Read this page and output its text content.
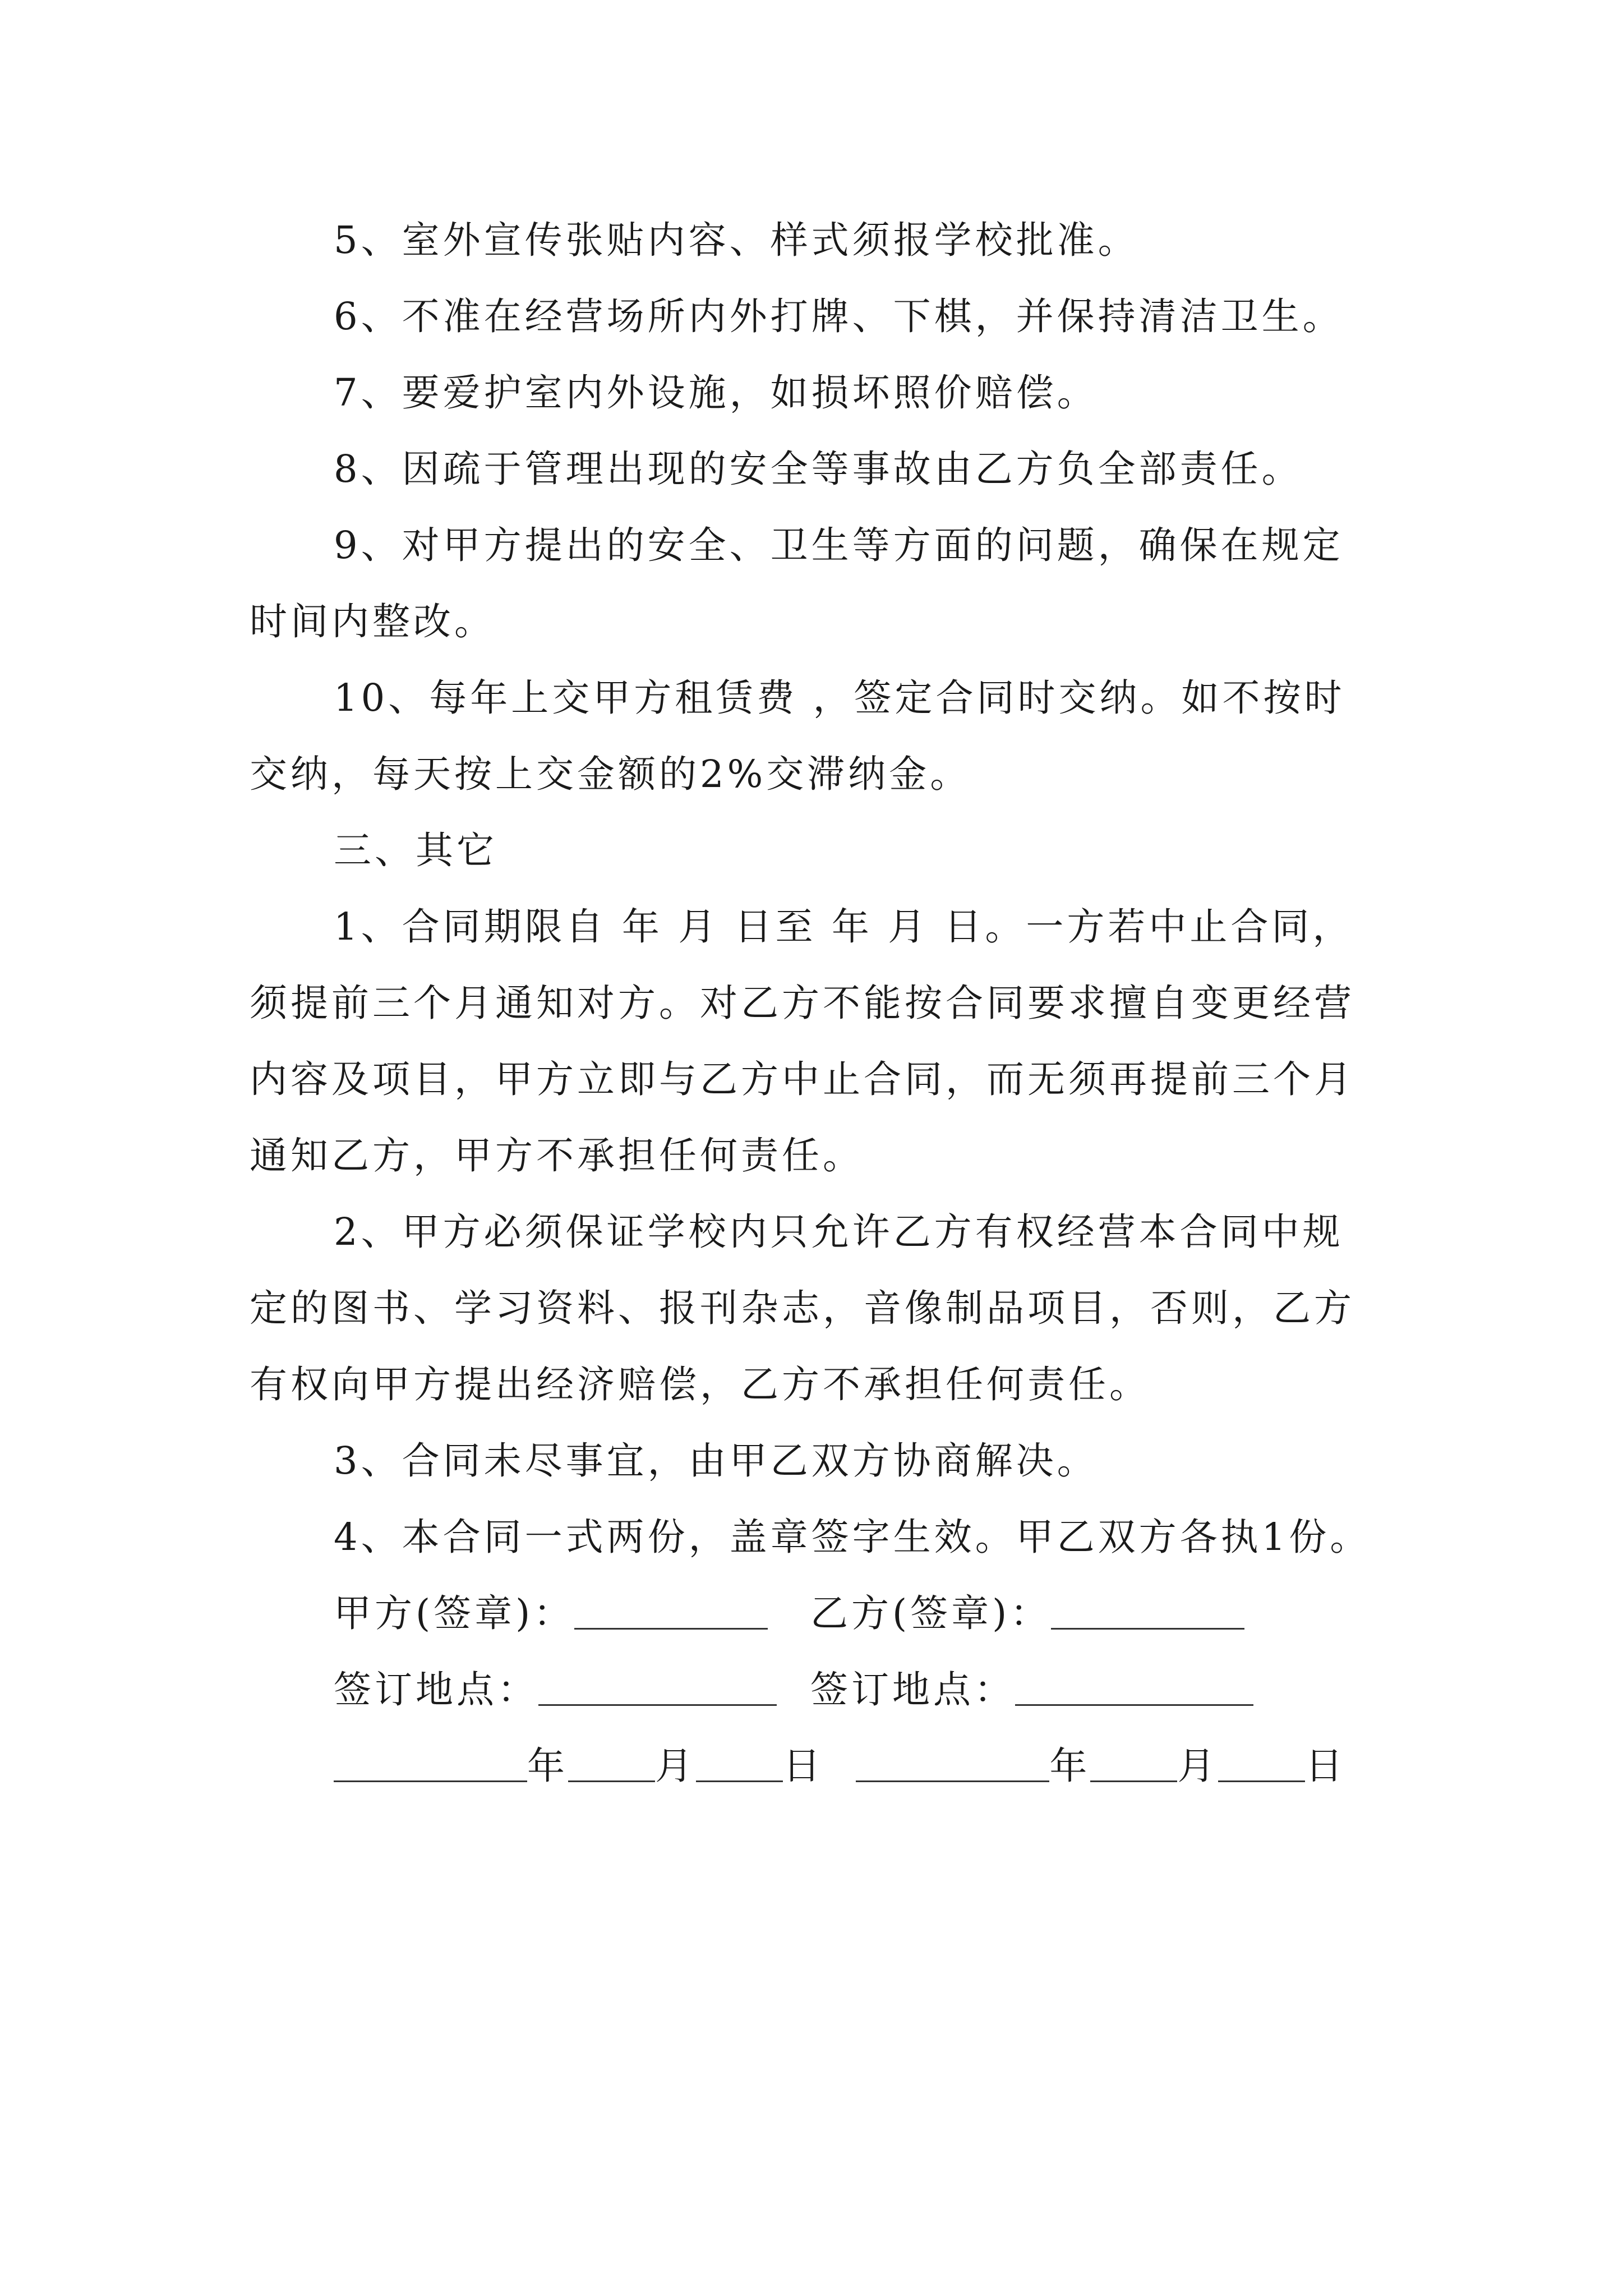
5、室外宣传张贴内容、样式须报学校批准。

6、不准在经营场所内外打牌、下棋，并保持清洁卫生。

7、要爱护室内外设施，如损坏照价赔偿。

8、因疏于管理出现的安全等事故由乙方负全部责任。

9、对甲方提出的安全、卫生等方面的问题，确保在规定时间内整改。

10、每年上交甲方租赁费 ，签定合同时交纳。如不按时交纳，每天按上交金额的2%交滞纳金。

三、其它

1、合同期限自 年 月 日至 年 月 日。一方若中止合同，须提前三个月通知对方。对乙方不能按合同要求擅自变更经营内容及项目，甲方立即与乙方中止合同，而无须再提前三个月通知乙方，甲方不承担任何责任。

2、甲方必须保证学校内只允许乙方有权经营本合同中规定的图书、学习资料、报刊杂志，音像制品项目，否则，乙方有权向甲方提出经济赔偿，乙方不承担任何责任。

3、合同未尽事宜，由甲乙双方协商解决。

4、本合同一式两份，盖章签字生效。甲乙双方各执1份。

甲方(签章)：	乙方(签章)：
签订地点：	签订地点：
年 月 日	年 月 日
